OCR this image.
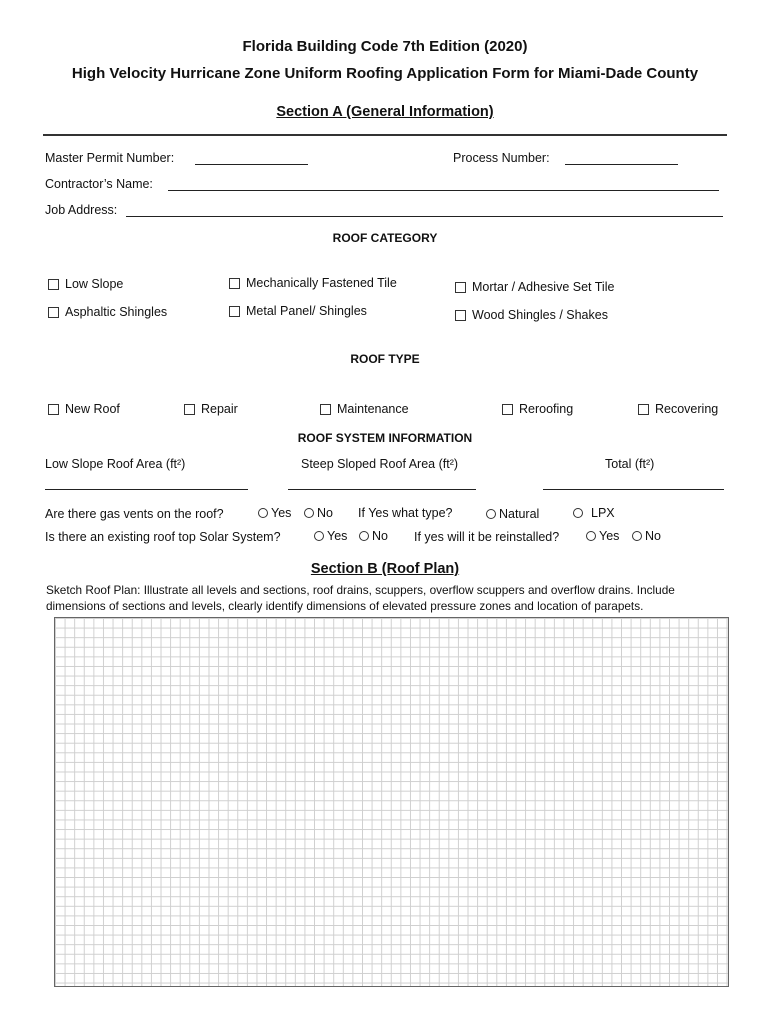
Florida Building Code 7th Edition (2020)
High Velocity Hurricane Zone Uniform Roofing Application Form for Miami-Dade County
Section A (General Information)
Master Permit Number:	Process Number:
Contractor’s Name:
Job Address:
ROOF CATEGORY
Low Slope	Mechanically Fastened Tile	Mortar / Adhesive Set Tile
Asphaltic Shingles	Metal Panel/ Shingles	Wood Shingles / Shakes
ROOF TYPE
New Roof	Repair	Maintenance	Reroofing	Recovering
ROOF SYSTEM INFORMATION
Low Slope Roof Area (ft²)	Steep Sloped Roof Area (ft²)	Total (ft²)
Are there gas vents on the roof?	Yes No If Yes what type?	Natural	LPX
Is there an existing roof top Solar System?	Yes No If yes will it be reinstalled?	Yes No
Section B (Roof Plan)
Sketch Roof Plan: Illustrate all levels and sections, roof drains, scuppers, overflow scuppers and overflow drains. Include dimensions of sections and levels, clearly identify dimensions of elevated pressure zones and location of parapets.
